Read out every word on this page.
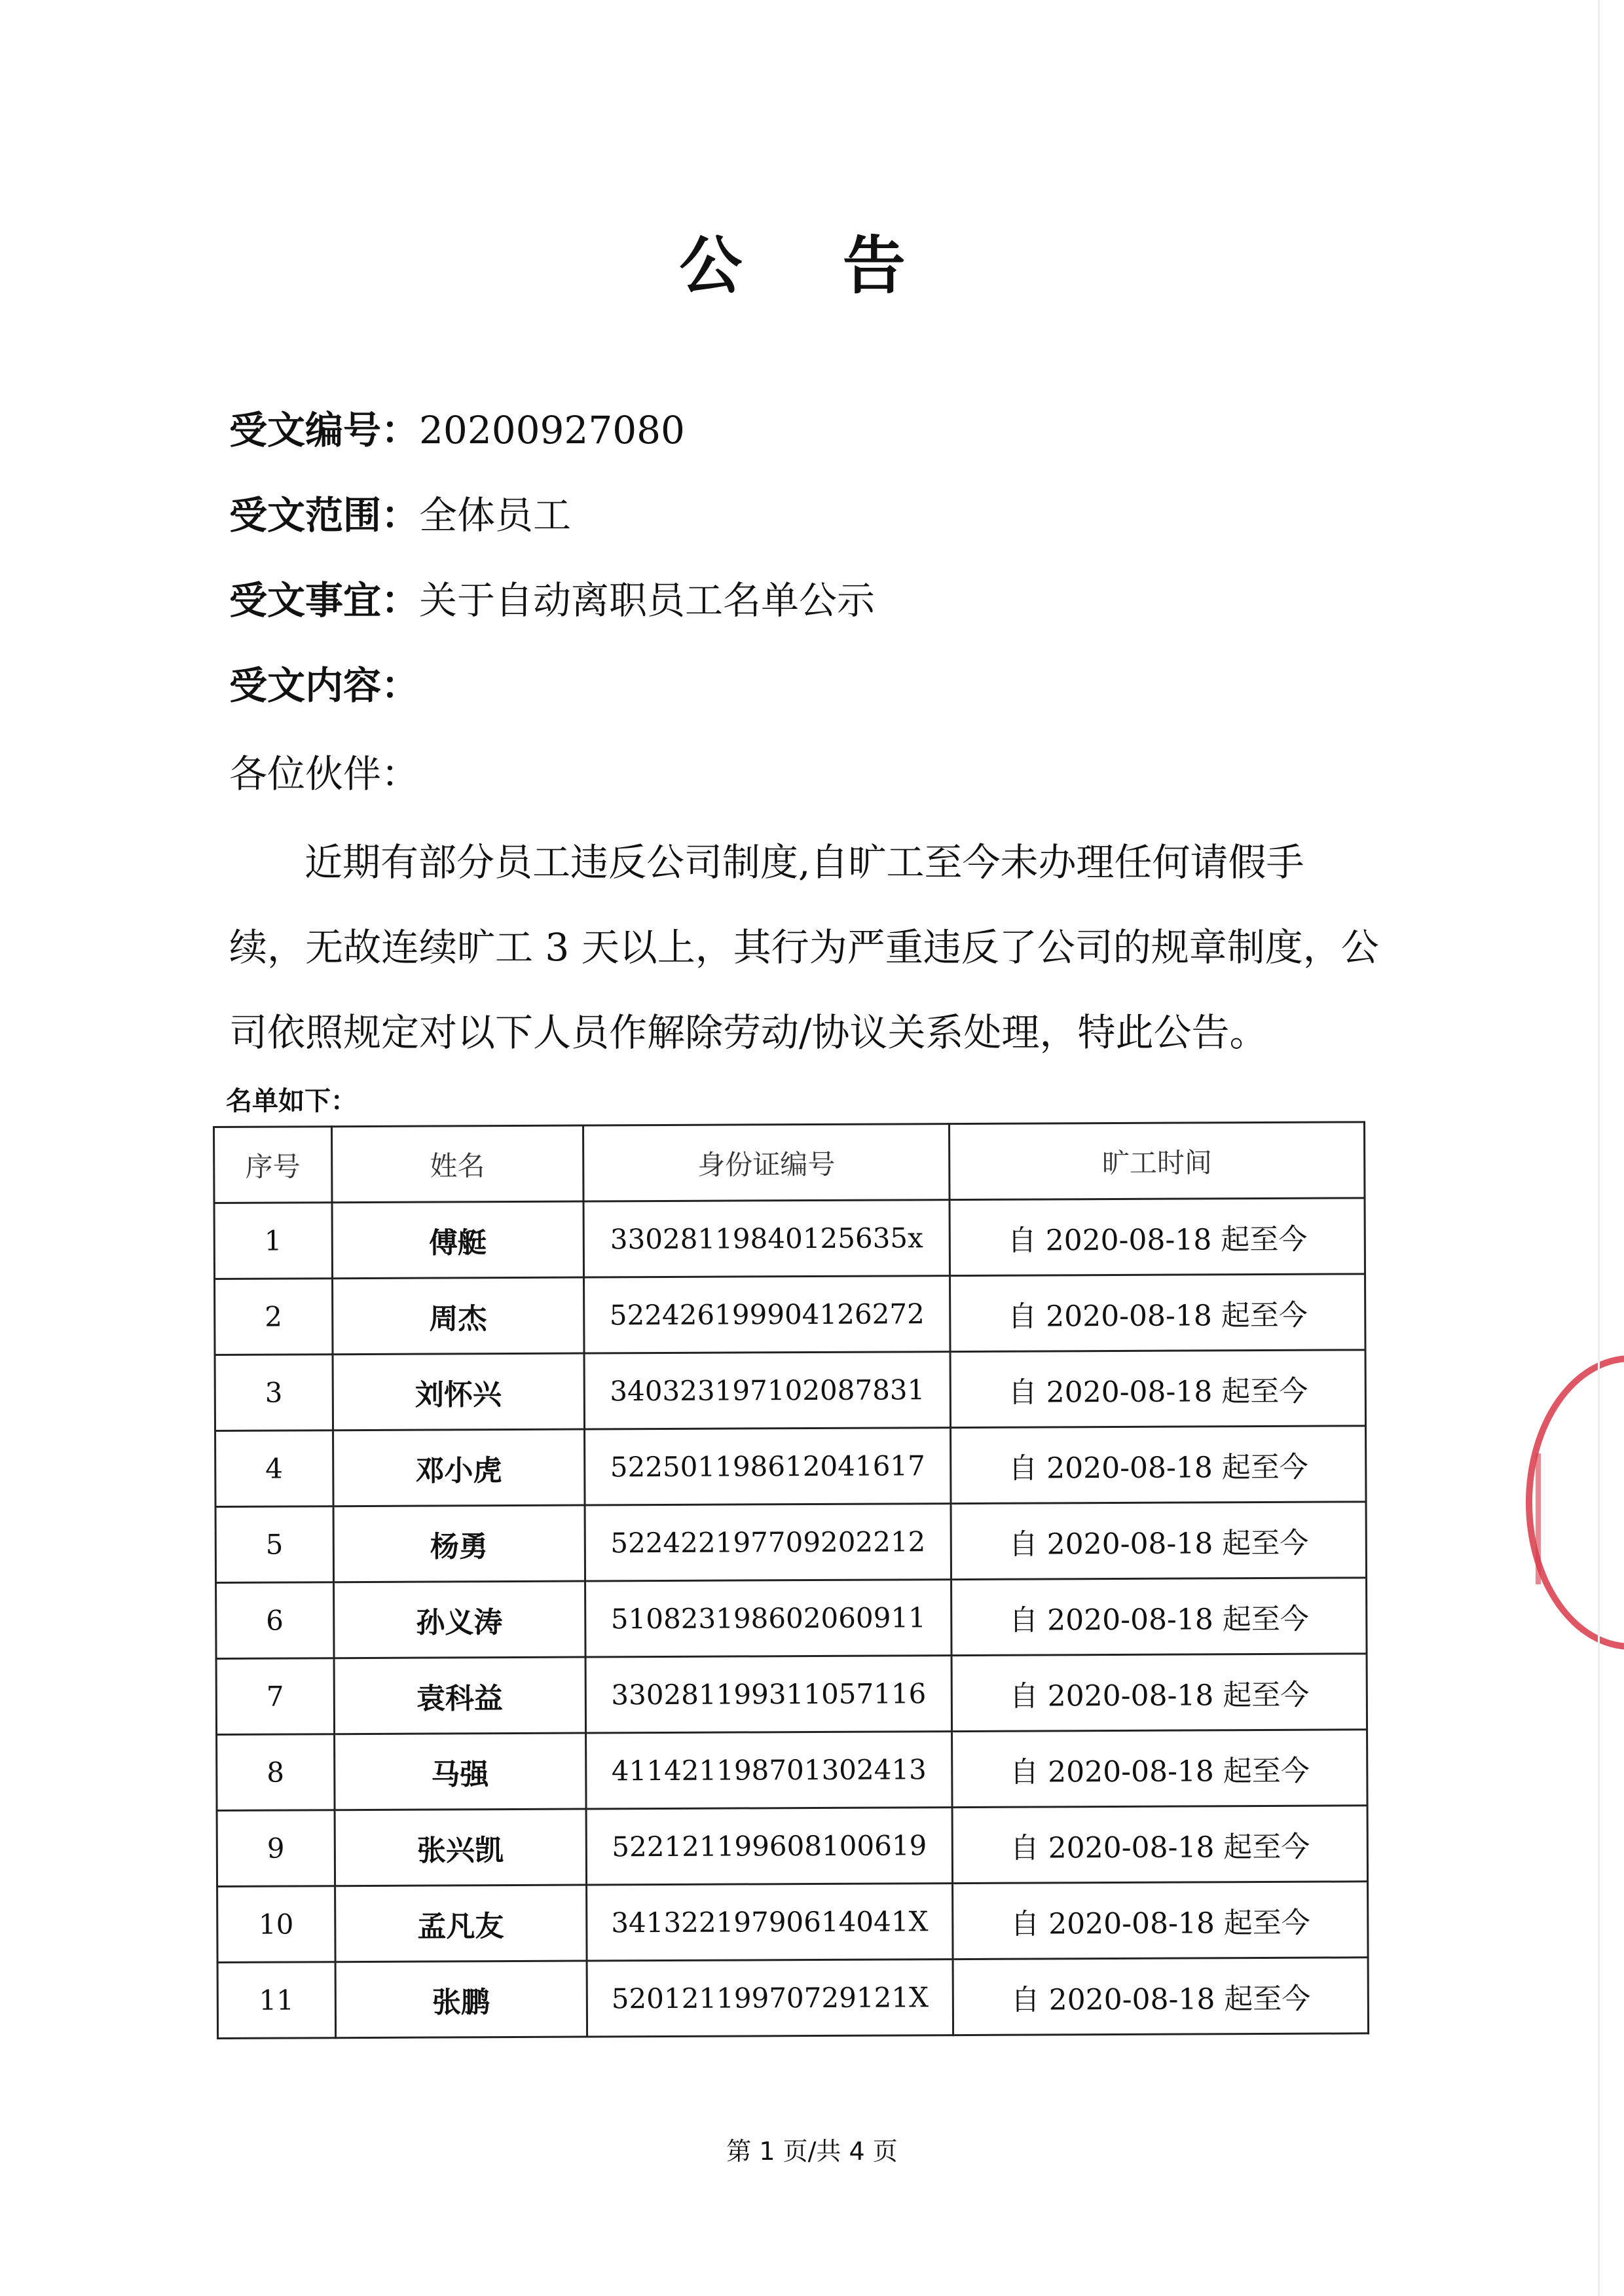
公 告
受文编号：20200927080
受文范围：全体员工
受文事宜：关于自动离职员工名单公示
受文内容：
各位伙伴：
近期有部分员工违反公司制度,自旷工至今未办理任何请假手
续，无故连续旷工 3 天以上，其行为严重违反了公司的规章制度，公
司依照规定对以下人员作解除劳动/协议关系处理，特此公告。
名单如下：
序号	姓名	身份证编号	旷工时间
1	傅艇	33028119840125635x	自 2020-08-18 起至今
2	周杰	522426199904126272	自 2020-08-18 起至今
3	刘怀兴	340323197102087831	自 2020-08-18 起至今
4	邓小虎	522501198612041617	自 2020-08-18 起至今
5	杨勇	522422197709202212	自 2020-08-18 起至今
6	孙义涛	510823198602060911	自 2020-08-18 起至今
7	袁科益	330281199311057116	自 2020-08-18 起至今
8	马强	411421198701302413	自 2020-08-18 起至今
9	张兴凯	522121199608100619	自 2020-08-18 起至今
10	孟凡友	34132219790614041X	自 2020-08-18 起至今
11	张鹏	52012119970729121X	自 2020-08-18 起至今
第 1 页/共 4 页
